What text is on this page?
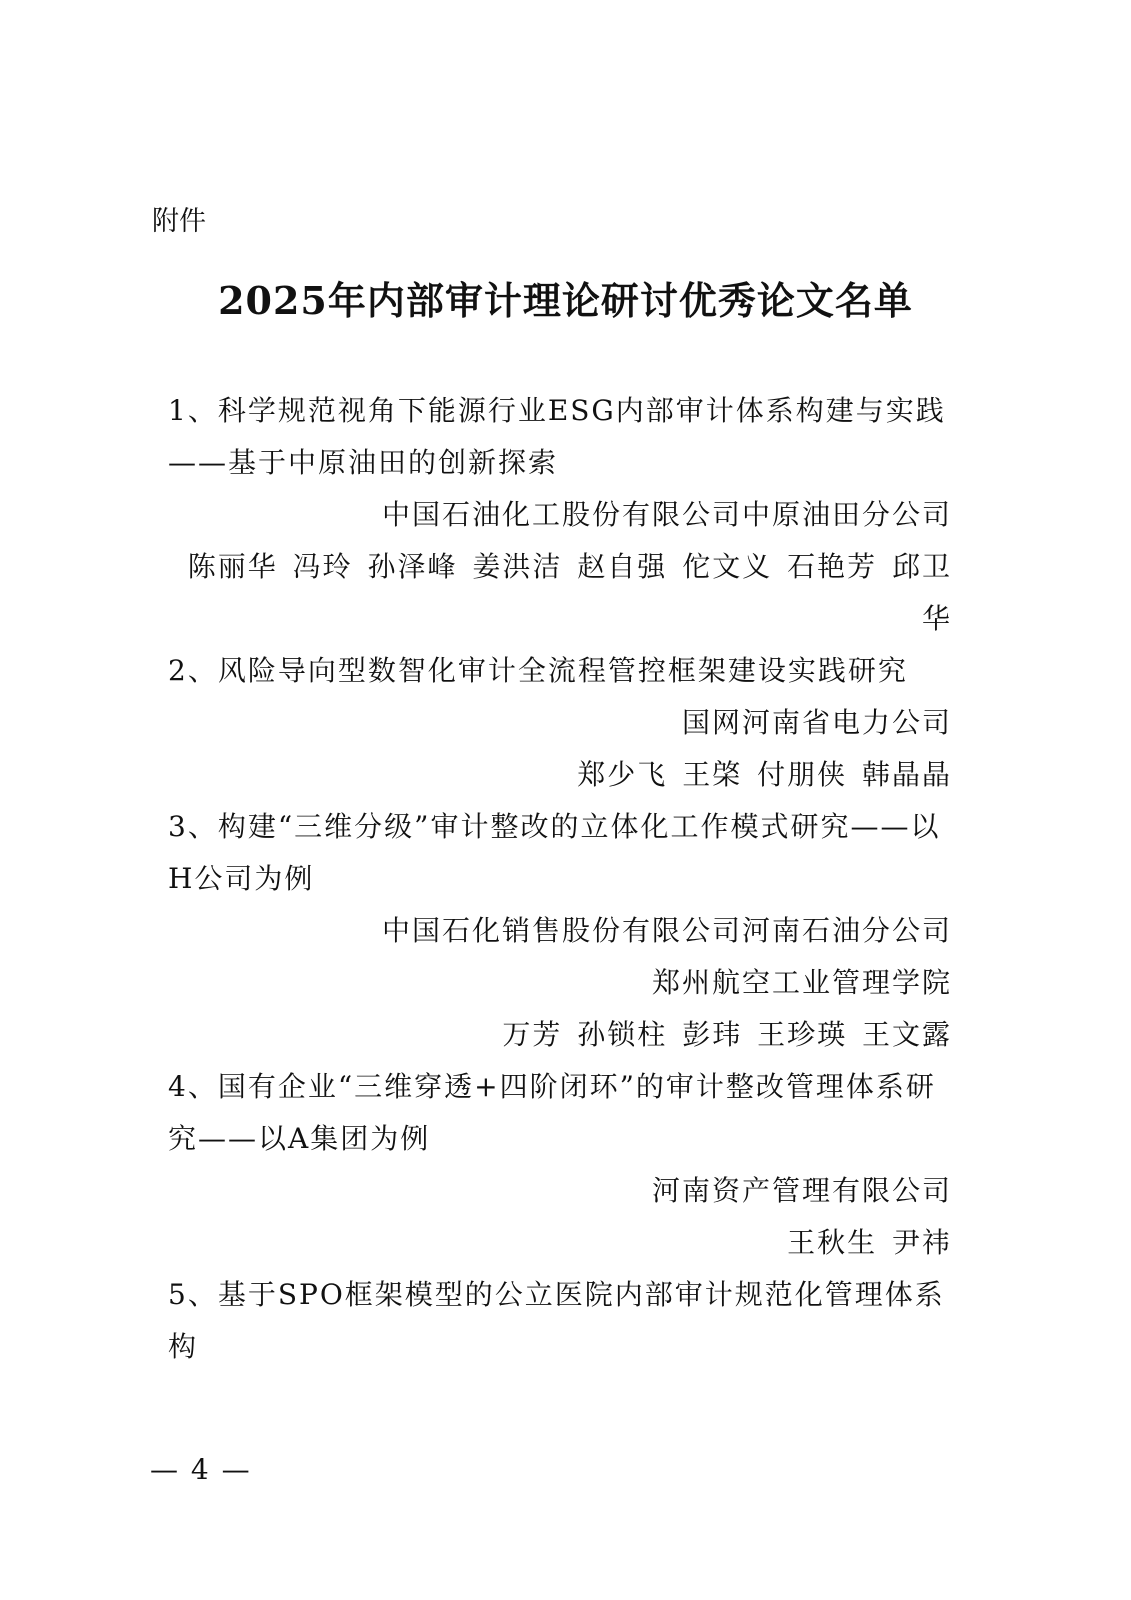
附件
2025年内部审计理论研讨优秀论文名单

1、科学规范视角下能源行业ESG内部审计体系构建与实践——基于中原油田的创新探索

中国石油化工股份有限公司中原油田分公司

陈丽华 冯玲 孙泽峰 姜洪洁 赵自强 佗文义 石艳芳 邱卫华

2、风险导向型数智化审计全流程管控框架建设实践研究

国网河南省电力公司

郑少飞 王棨 付朋侠 韩晶晶

3、构建“三维分级”审计整改的立体化工作模式研究——以H公司为例

中国石化销售股份有限公司河南石油分公司

郑州航空工业管理学院

万芳 孙锁柱 彭玮 王珍瑛 王文露

4、国有企业“三维穿透+四阶闭环”的审计整改管理体系研究——以A集团为例

河南资产管理有限公司

王秋生 尹祎

5、基于SPO框架模型的公立医院内部审计规范化管理体系构

— 4 —
